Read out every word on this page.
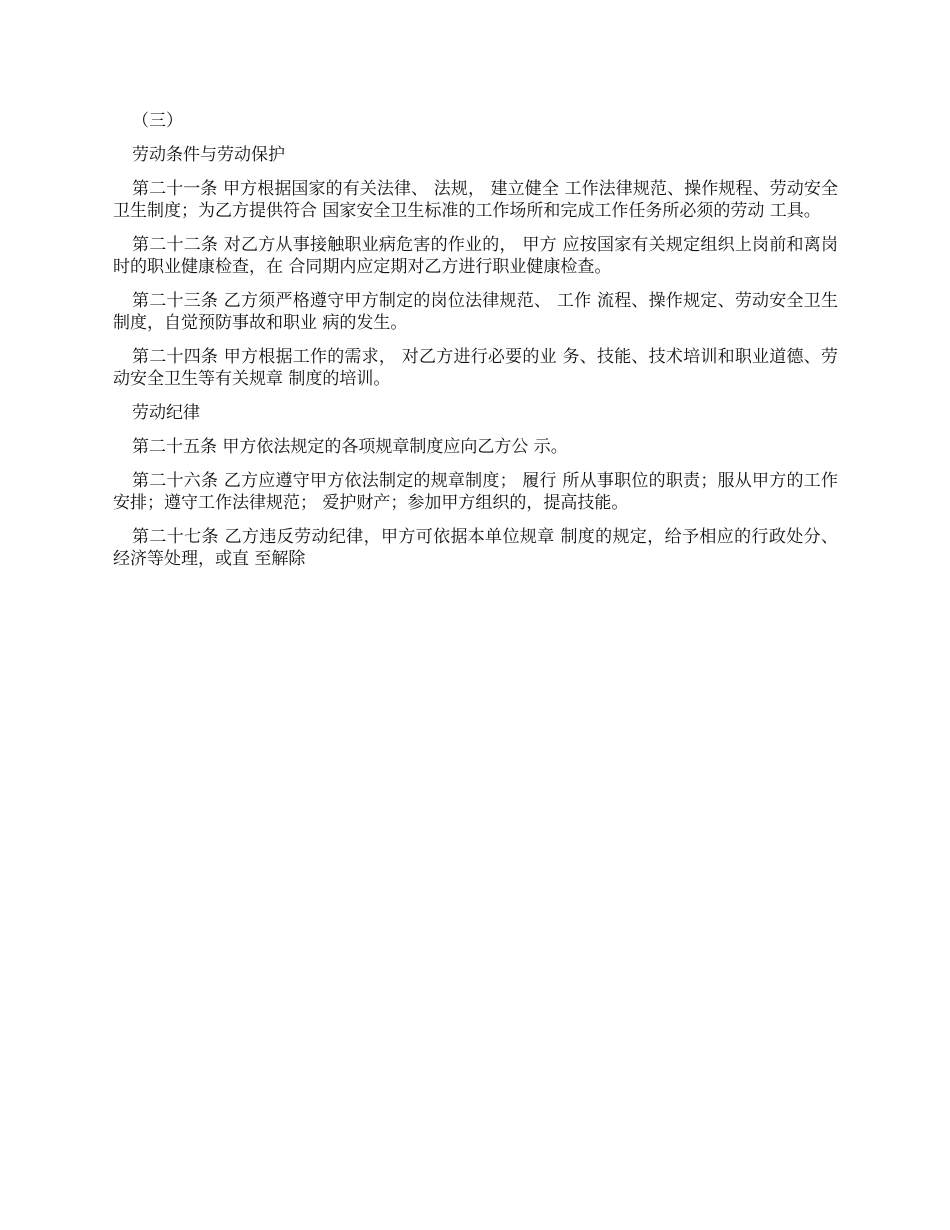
（三）

劳动条件与劳动保护

第二十一条 甲方根据国家的有关法律、 法规， 建立健全 工作法律规范、操作规程、劳动安全卫生制度；为乙方提供符合 国家安全卫生标准的工作场所和完成工作任务所必须的劳动 工具。

第二十二条 对乙方从事接触职业病危害的作业的， 甲方 应按国家有关规定组织上岗前和离岗时的职业健康检查，在 合同期内应定期对乙方进行职业健康检查。

第二十三条 乙方须严格遵守甲方制定的岗位法律规范、 工作 流程、操作规定、劳动安全卫生制度，自觉预防事故和职业 病的发生。

第二十四条 甲方根据工作的需求， 对乙方进行必要的业 务、技能、技术培训和职业道德、劳动安全卫生等有关规章 制度的培训。

劳动纪律

第二十五条 甲方依法规定的各项规章制度应向乙方公 示。

第二十六条 乙方应遵守甲方依法制定的规章制度； 履行 所从事职位的职责；服从甲方的工作安排；遵守工作法律规范； 爱护财产；参加甲方组织的，提高技能。

第二十七条 乙方违反劳动纪律，甲方可依据本单位规章 制度的规定，给予相应的行政处分、经济等处理，或直 至解除
